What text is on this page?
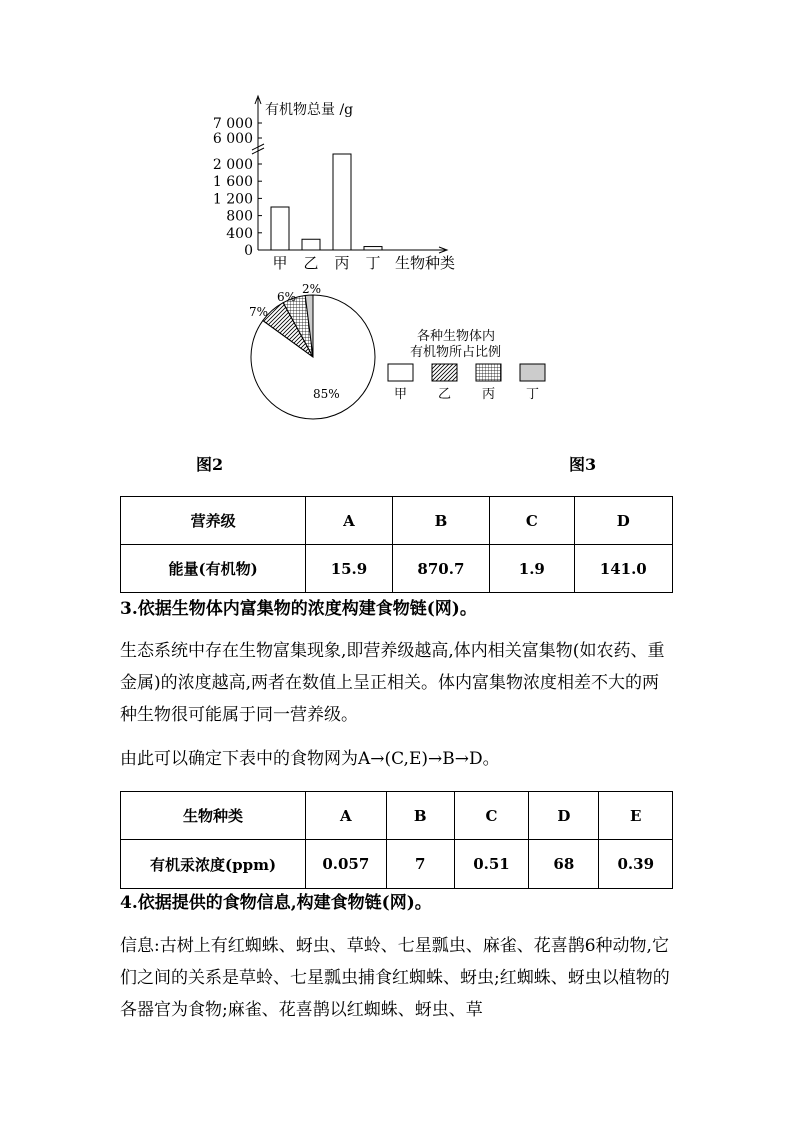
有机物总量 /g
生物种类
0
400
800
1 200
1 600
2 000
6 000
7 000
甲 乙 丙 丁
85%
7%
6%
2%
各种生物体内
有机物所占比例
甲 乙 丙 丁
图2	图3
营养级	A	B	C	D
能量(有机物)	15.9	870.7	1.9	141.0
3.依据生物体内富集物的浓度构建食物链(网)。
生态系统中存在生物富集现象,即营养级越高,体内相关富集物(如农药、重金属)的浓度越高,两者在数值上呈正相关。体内富集物浓度相差不大的两种生物很可能属于同一营养级。
由此可以确定下表中的食物网为A→(C,E)→B→D。
生物种类	A	B	C	D	E
有机汞浓度(ppm)	0.057	7	0.51	68	0.39
4.依据提供的食物信息,构建食物链(网)。
信息:古树上有红蜘蛛、蚜虫、草蛉、七星瓢虫、麻雀、花喜鹊6种动物,它们之间的关系是草蛉、七星瓢虫捕食红蜘蛛、蚜虫;红蜘蛛、蚜虫以植物的各器官为食物;麻雀、花喜鹊以红蜘蛛、蚜虫、草
